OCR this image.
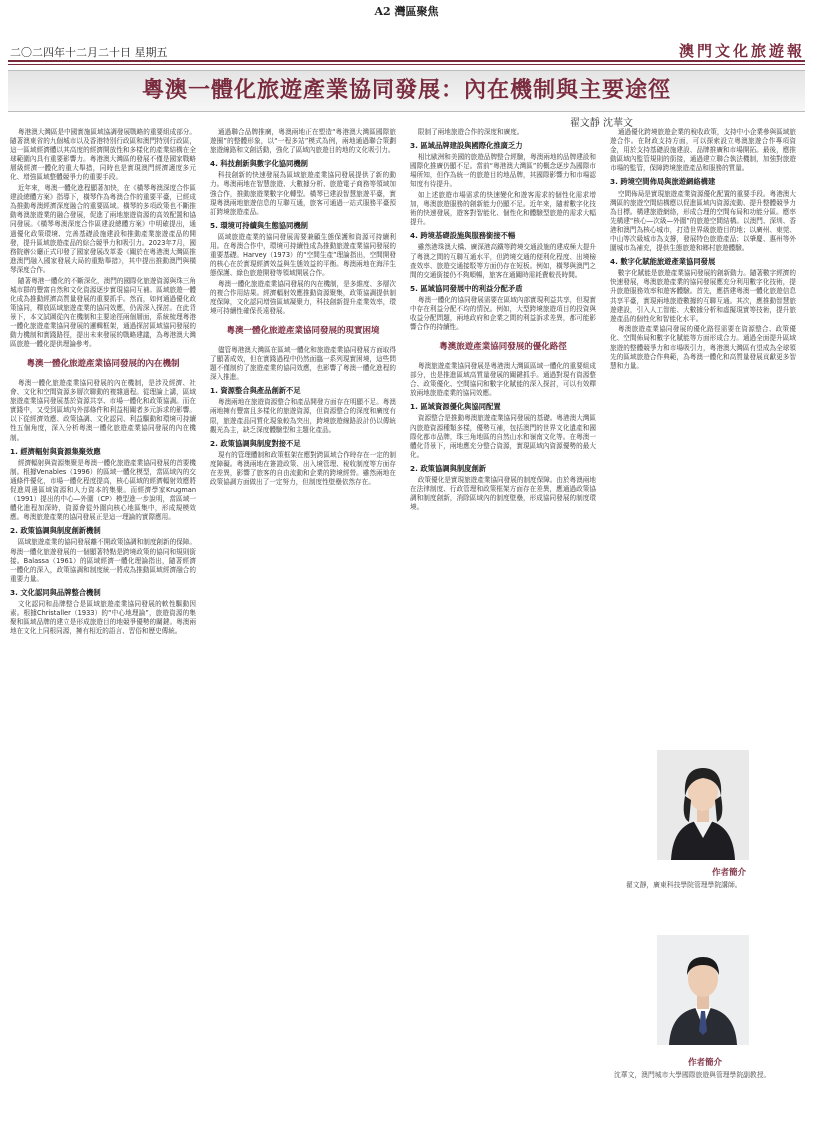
A2 灣區聚焦
二〇二四年十二月二十日 星期五	澳門文化旅遊報
粵澳一體化旅遊產業協同發展：內在機制與主要途徑
翟文靜 沈華文

粵港澳大灣區是中國實施區域協調發展戰略的重要組成部分。隨著澳東省的九個城市以及香港特別行政區和澳門特別行政區，這一區域經濟體以其高度的經濟開放性和多樣化的產業結構在全球範圍內具有重要影響力。粵港澳大灣區的發展不僅是國家戰略層級經濟一體化的重大舉措，同時也是實現澳門經濟適度多元化、增強區域整體競爭力的重要手段。

近年來，粵澳一體化進程顯著加快，在《橫琴粵澳深度合作區建設總體方案》指導下，橫琴作為粵澳合作的重要平臺，已經成為推動粵澳經濟深度融合的重要區域。橫琴的多項政策也不斷推動粵澳旅遊業的融合發展，促進了兩地旅遊資源的高效配置和協同發展。《橫琴粵澳深度合作區建設總體方案》中明確提出，通過優化政策環境、完善基礎設施建設和推動產業旅遊產品的開發，提升區域旅遊產品的綜合競爭力和吸引力。2023年7月，國務院辦公廳正式印發了國家發展改革委《關於在粵港澳大灣區推進澳門融入國家發展大局的重點舉措》，其中提出推動澳門與橫琴深度合作。

隨著粵港一體化的不斷深化，澳門的國際化旅遊資源與珠三角城市群的豐富自然和文化資源逐步實現協同互補。區域旅遊一體化成為推動經濟高質量發展的重要抓手。然而，如何通過優化政策協同，釋放區域旅遊產業的協同效應，仍需深入探討。在此背景下，本文試圖從內在機制和主要途徑兩個層面，系統梳理粵港一體化旅遊產業協同發展的邏輯框架，通過探討區域協同發展的動力機制和實踐路徑，提出未來發展的戰略建議，為粵港澳大灣區旅遊一體化提供理論參考。

粵澳一體化旅遊產業協同發展的內在機制

粵澳一體化旅遊產業協同發展的內在機制，是涉及經濟、社會、文化和空間資源多層次聯動的複雜過程。從理論上講，區域旅遊產業協同發展基於資源共享、市場一體化和政策協調。而在實踐中，又受到區域內外部條件和利益相關者多元訴求的影響。以下從經濟效應、政策協調、文化認同、利益驅動和環境可持續性五個角度，深入分析粵澳一體化旅遊產業協同發展的內在機制。

1. 經濟輻射與資源集聚效應

經濟輻射與資源集聚是粵澳一體化旅遊產業協同發展的首要機制。根據Venables（1996）的區域一體化模型，當區域內的交通條件優化，市場一體化程度提高，核心區域的經濟輻射效應將促進周邊區域資源和人力資本的集聚。而經濟學家Krugman（1991）提出的中心—外圍（CP）模型進一步說明，當區域一體化進程加深時，資源會從外圍向核心地區集中，形成規模效應。粵澳旅遊產業的協同發展正是這一理論的實際應用。

2. 政策協調與制度創新機制

區域旅遊產業的協同發展離不開政策協調和制度創新的保障。粵澳一體化旅遊發展的一個顯著特點是跨境政策的協同和規則銜接。Balassa（1961）的區域經濟一體化理論指出，隨著經濟一體化的深入，政策協調和制度統一將成為推動區域經濟融合的重要力量。

3. 文化認同與品牌整合機制

文化認同和品牌整合是區域旅遊產業協同發展的軟性驅動因素。根據Christaller（1933）的“中心地理論”，旅遊資源的集聚和區域品牌的建立是形成旅遊目的地競爭優勢的關鍵。粵澳兩地在文化上同根同源，擁有相近的語言、習俗和歷史傳統。

通過聯合品牌推廣，粵澳兩地正在塑造“粵港澳大灣區國際旅遊圈”的整體形象，以“一程多站”模式為例，兩地通過聯合策劃旅遊線路和文創活動，強化了區域內旅遊目的地的文化吸引力。

4. 科技創新與數字化協同機制

科技創新的快速發展為區域旅遊產業協同發展提供了新的動力。粵澳兩地在智慧旅遊、大數據分析、旅遊電子商務等領域加強合作，推動旅遊業數字化轉型。橫琴已建設智慧旅遊平臺，實現粵澳兩地旅遊信息的互聯互通，旅客可通過一站式服務平臺預訂跨境旅遊產品。

5. 環境可持續與生態協同機制

區域旅遊產業的協同發展需要兼顧生態保護和資源可持續利用。在粵澳合作中，環境可持續性成為推動旅遊產業協同發展的重要基礎。Harvey（1973）的“空間生產”理論指出，空間開發的核心在於實現經濟效益與生態效益的平衡。粵澳兩地在海洋生態保護、綠色旅遊開發等領域開展合作。

粵澳一體化旅遊產業協同發展的內在機制，是多維度、多層次的複合作用結果。經濟輻射效應推動資源聚集，政策協調提供制度保障，文化認同增強區域凝聚力，科技創新提升產業效率，環境可持續性確保長遠發展。

粵澳一體化旅遊產業協同發展的現實困境

儘管粵港澳大灣區在區域一體化和旅遊產業協同發展方面取得了顯著成效，但在實踐過程中仍然面臨一系列現實困境，這些問題不僅制約了旅遊產業的協同效應，也影響了粵澳一體化進程的深入推進。

1. 資源整合與產品創新不足

粵澳兩地在旅遊資源整合和產品開發方面存在明顯不足。粵澳兩地擁有豐富且多樣化的旅遊資源，但資源整合的深度和廣度有限，旅遊產品同質化現象較為突出，跨境旅遊線路設計仍以傳統觀光為主，缺乏深度體驗型和主題化產品。

2. 政策協調與制度對接不足

現有的管理體制和政策框架在應對跨區域合作時存在一定的制度障礙。粵澳兩地在簽證政策、出入境管理、稅收制度等方面存在差異，影響了旅客的自由流動和企業的跨境經營。雖然兩地在政策協調方面做出了一定努力，但制度性壁壘依然存在。

限制了兩地旅遊合作的深度和廣度。

3. 區域品牌建設與國際化推廣乏力

相比歐洲和美國的旅遊品牌整合經驗，粵澳兩地的品牌建設和國際化推廣仍顯不足。當前“粵港澳大灣區”的概念逐步為國際市場所知，但作為統一的旅遊目的地品牌，其國際影響力和市場認知度有待提升。

如上述旅遊市場需求的快速變化和遊客需求的個性化需求增加，粵澳旅遊服務的創新能力仍顯不足。近年來，隨着數字化技術的快速發展，遊客對智能化、個性化和體驗型旅遊的需求大幅提升。

4. 跨境基礎設施與服務銜接不暢

雖然港珠澳大橋、廣深港高鐵等跨境交通設施的建成極大提升了粵澳之間的互聯互通水平，但跨境交通的便利化程度、出境檢查效率、旅遊交通接駁等方面仍存在短板。例如，橫琴與澳門之間的交通銜接仍不夠順暢，旅客在通關時需耗費較長時間。

5. 區域協同發展中的利益分配矛盾

粵澳一體化的協同發展需要在區域內部實現利益共享，但現實中存在利益分配不均的情況。例如，大型跨境旅遊項目的投資與收益分配問題，兩地政府和企業之間的利益訴求差異，都可能影響合作的持續性。

粵澳旅遊產業協同發展的優化路徑

粵澳旅遊產業協同發展是粵港澳大灣區區域一體化的重要組成部分，也是推進區域高質量發展的關鍵抓手。通過對現有資源整合、政策優化、空間協同和數字化賦能的深入探討，可以有效釋放兩地旅遊產業的協同效應。

1. 區域資源優化與協同配置

資源整合是推動粵澳旅遊產業協同發展的基礎。粵港澳大灣區內旅遊資源種類多樣，優勢互補，包括澳門的世界文化遺產和國際化都市品牌，珠三角地區的自然山水和嶺南文化等。在粵澳一體化背景下，兩地應充分整合資源，實現區域內資源優勢的最大化。

2. 政策協調與制度創新

政策優化是實現旅遊產業協同發展的制度保障。由於粵澳兩地在法律制度、行政管理和政策框架方面存在差異，應通過政策協調和制度創新，消除區域內的制度壁壘，形成協同發展的制度環境。

通過優化跨境旅遊企業的稅收政策，支持中小企業參與區域旅遊合作。在財政支持方面，可以探索設立粵澳旅遊合作專項資金，用於支持基礎設施建設、品牌推廣和市場開拓。最後，應推動區域內監管規則的銜接，通過建立聯合執法機制，加強對旅遊市場的監管，保障跨境旅遊產品和服務的質量。

3. 跨境空間佈局與旅遊網絡構建

空間佈局是實現旅遊產業資源優化配置的重要手段。粵港澳大灣區的旅遊空間結構應以促進區域內資源流動、提升整體競爭力為目標。構建旅遊網絡，形成合理的空間布局和功能分區。應率先構建“核心—次級—外圍”的旅遊空間結構。以澳門、深圳、香港和澳門為核心城市，打造世界級旅遊目的地；以廣州、東莞、中山等次級城市為支撐，發展特色旅遊產品；以肇慶、惠州等外圍城市為補充，提供生態旅遊和鄉村旅遊體驗。

4. 數字化賦能旅遊產業協同發展

數字化賦能是旅遊產業協同發展的創新動力。隨著數字經濟的快速發展，粵澳旅遊產業的協同發展應充分利用數字化技術，提升旅遊服務效率和遊客體驗。首先，應搭建粵澳一體化旅遊信息共享平臺，實現兩地旅遊數據的互聯互通。其次，應推動智慧旅遊建設，引入人工智能、大數據分析和虛擬現實等技術，提升旅遊產品的個性化和智能化水平。

粵澳旅遊產業協同發展的優化路徑需要在資源整合、政策優化、空間佈局和數字化賦能等方面形成合力。通過全面提升區域旅遊的整體競爭力和市場吸引力，粵港澳大灣區有望成為全球領先的區域旅遊合作典範，為粵澳一體化和高質量發展貢獻更多智慧和力量。

作者簡介
翟文靜，廣東科技學院管理學院講師。
作者簡介
沈華文，澳門城市大學國際旅遊與管理學院副教授。
